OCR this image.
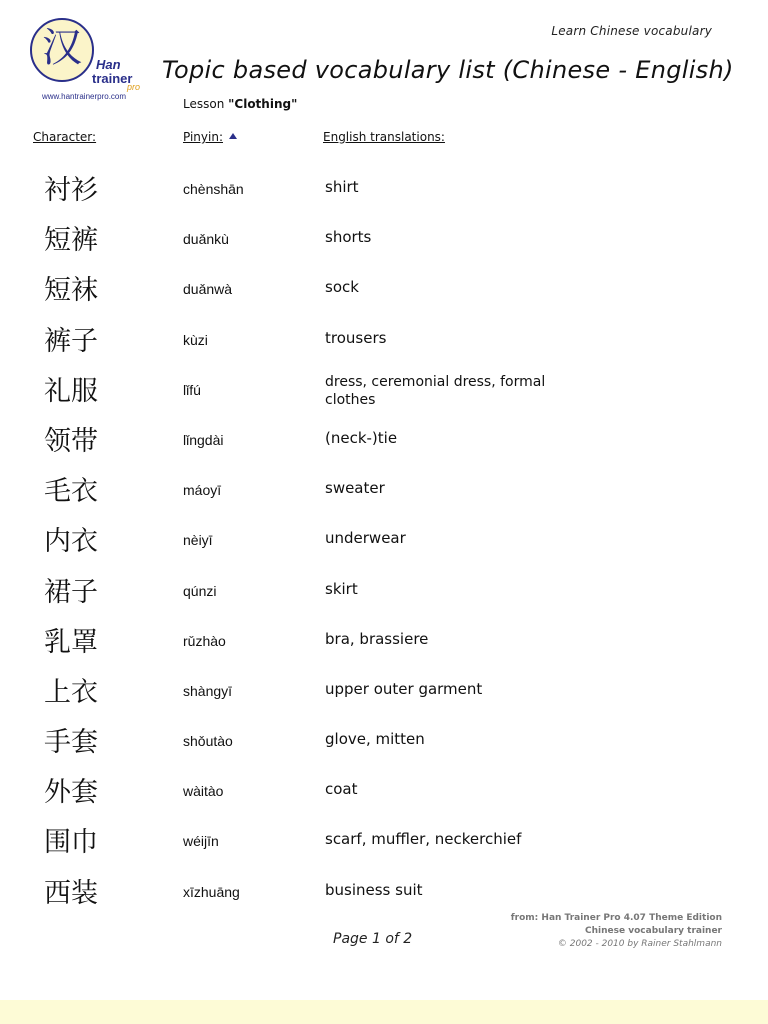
汉	Han
trainer
pro
www.hantrainerpro.com
Learn Chinese vocabulary
Topic based vocabulary list (Chinese - English)
Lesson "Clothing"
Character:	Pinyin:	English translations:
衬衫	chènshān	shirt
短裤	duǎnkù	shorts
短袜	duǎnwà	sock
裤子	kùzi	trousers
礼服	lǐfú	dress, ceremonial dress, formal clothes
领带	lǐngdài	(neck-)tie
毛衣	máoyī	sweater
内衣	nèiyī	underwear
裙子	qúnzi	skirt
乳罩	rǔzhào	bra, brassiere
上衣	shàngyī	upper outer garment
手套	shǒutào	glove, mitten
外套	wàitào	coat
围巾	wéijīn	scarf, muffler, neckerchief
西装	xīzhuāng	business suit
from: Han Trainer Pro 4.07 Theme Edition
Chinese vocabulary trainer
© 2002 - 2010 by Rainer Stahlmann
Page 1 of 2
